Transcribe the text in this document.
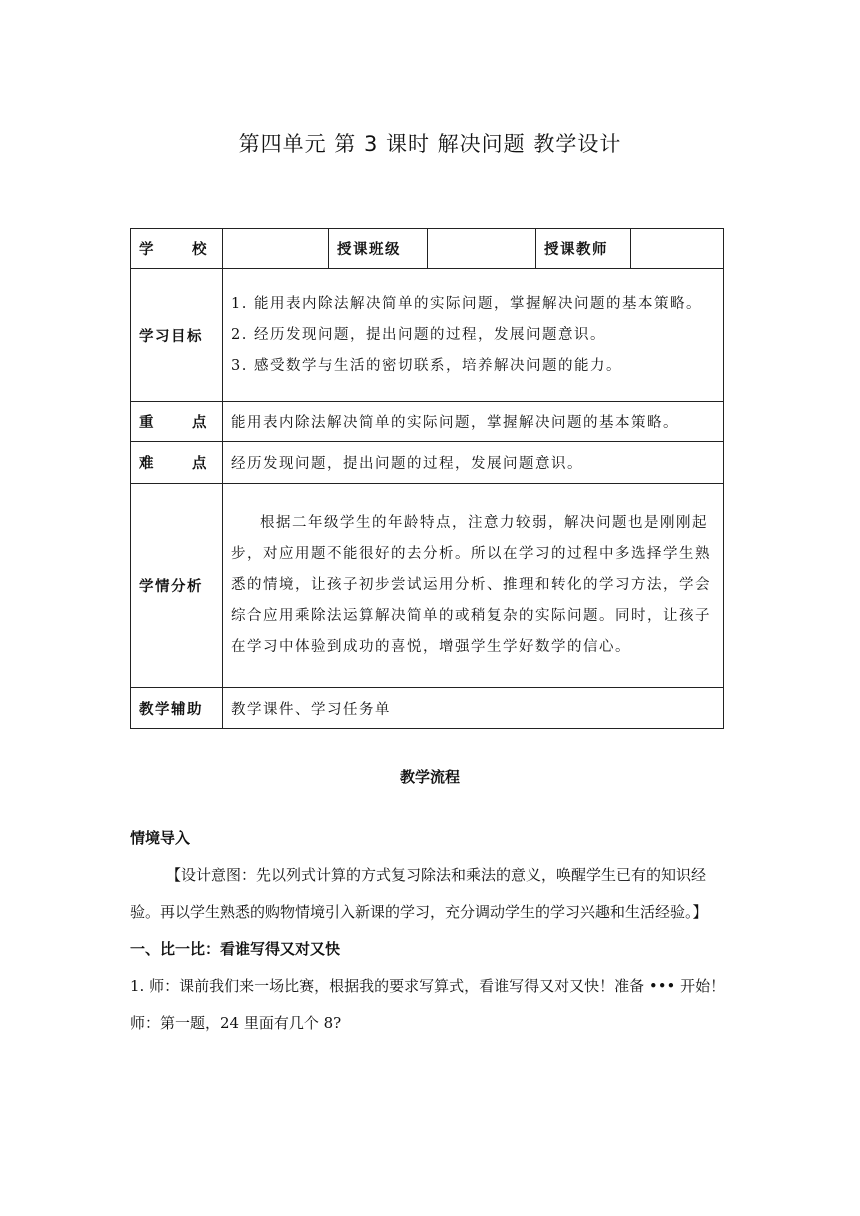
第四单元 第 3 课时 解决问题 教学设计
学 校		授课班级		授课教师	
学习目标	1. 能用表内除法解决简单的实际问题，掌握解决问题的基本策略。

2. 经历发现问题，提出问题的过程，发展问题意识。

3. 感受数学与生活的密切联系，培养解决问题的能力。				

重 点	能用表内除法解决简单的实际问题，掌握解决问题的基本策略。				

难 点	经历发现问题，提出问题的过程，发展问题意识。				
学情分析	根据二年级学生的年龄特点，注意力较弱，解决问题也是刚刚起步，对应用题不能很好的去分析。所以在学习的过程中多选择学生熟悉的情境，让孩子初步尝试运用分析、推理和转化的学习方法，学会综合应用乘除法运算解决简单的或稍复杂的实际问题。同时，让孩子在学习中体验到成功的喜悦，增强学生学好数学的信心。				

教学辅助	教学课件、学习任务单				
教学流程

情境导入

【设计意图：先以列式计算的方式复习除法和乘法的意义，唤醒学生已有的知识经验。再以学生熟悉的购物情境引入新课的学习，充分调动学生的学习兴趣和生活经验。】

一、比一比：看谁写得又对又快

1. 师：课前我们来一场比赛，根据我的要求写算式，看谁写得又对又快！准备 ••• 开始！

师：第一题，24 里面有几个 8?
